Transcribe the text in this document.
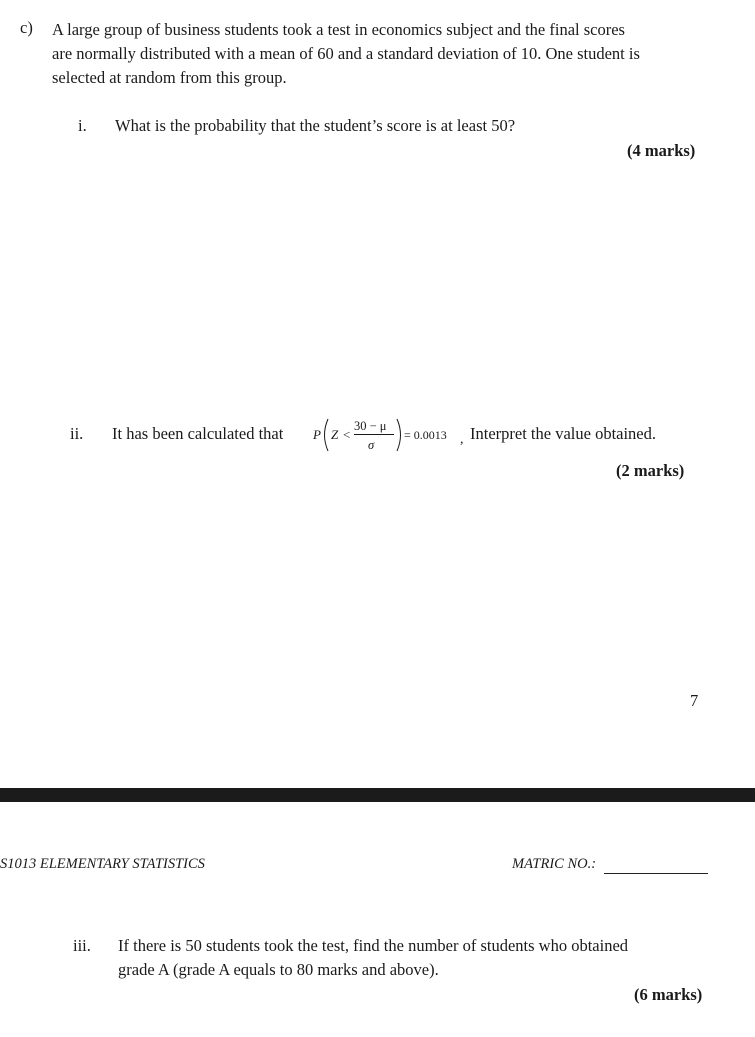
c) A large group of business students took a test in economics subject and the final scores
are normally distributed with a mean of 60 and a standard deviation of 10. One student is
selected at random from this group.
i. What is the probability that the student’s score is at least 50?
(4 marks)
ii. It has been calculated that P Z <
30 − μ
σ
= 0.0013 , Interpret the value obtained.
(2 marks)
7
S1013 ELEMENTARY STATISTICS	MATRIC NO.:
iii. If there is 50 students took the test, find the number of students who obtained
grade A (grade A equals to 80 marks and above).
(6 marks)
